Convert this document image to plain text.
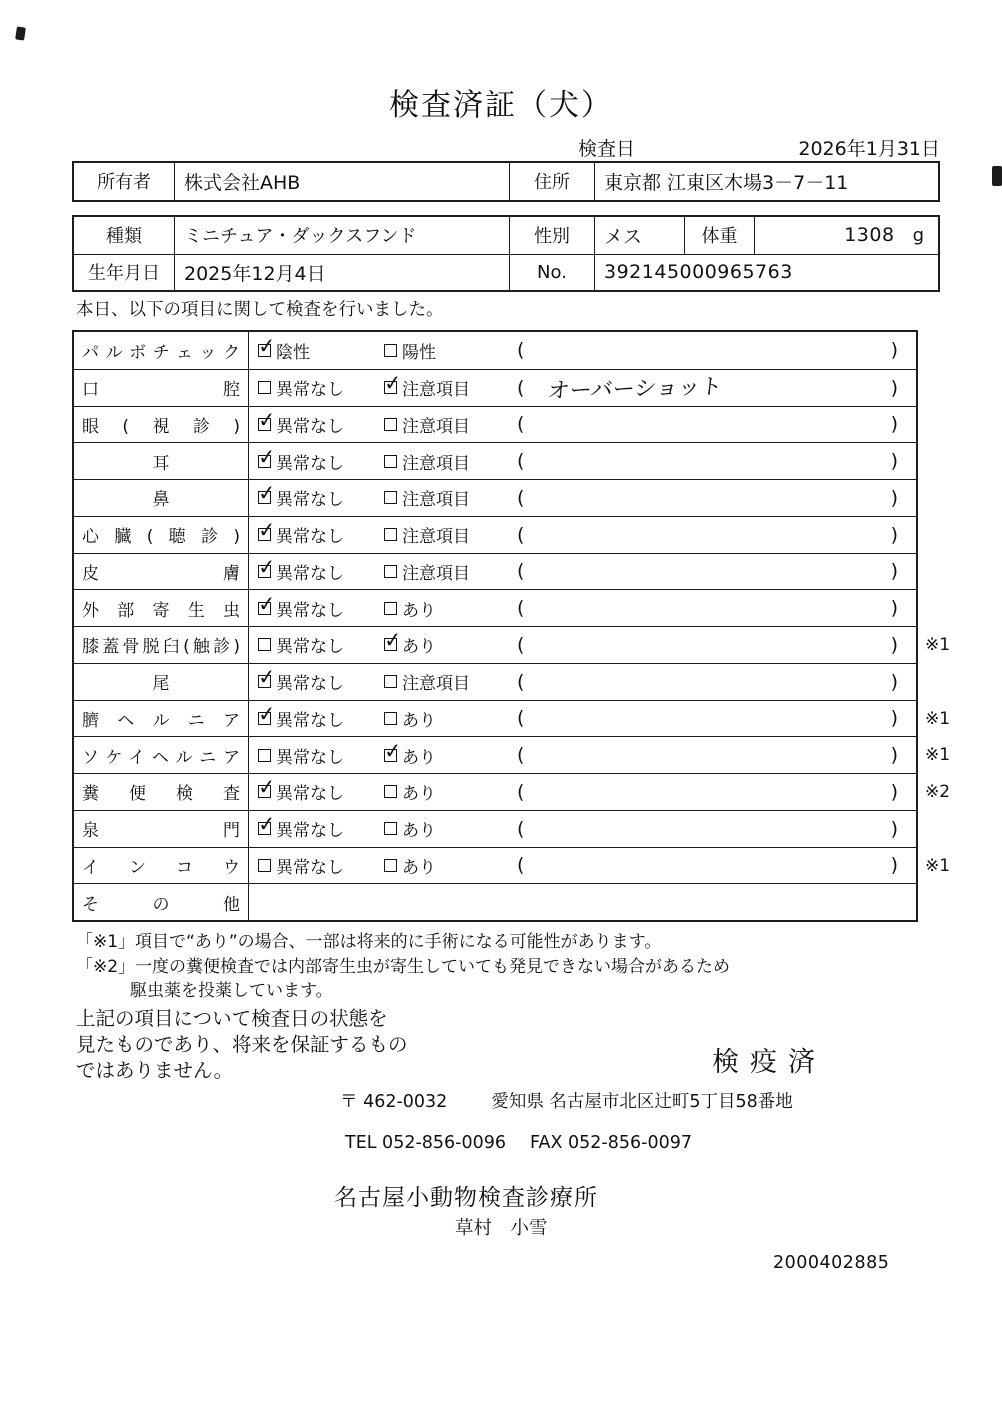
検査済証（犬）
検査日	2026年1月31日
所有者	株式会社AHB	住所	東京都 江東区木場3－7－11
種類	ミニチュア・ダックスフンド	性別	メス	体重	1308 g
生年月日	2025年12月4日	No.	392145000965763
本日、以下の項目に関して検査を行いました。
パルボチェック ✓ 陰性	陽性	(	)
口腔 異常なし ✓	注意項目 ( オーバーショット	)
眼(視診) ✓ 異常なし	注意項目 (	)
耳 ✓	異常なし	注意項目 (	)
鼻 ✓	異常なし	注意項目 (	)
心臓(聴診) ✓ 異常なし	注意項目 (	)
皮膚 ✓ 異常なし	注意項目 (	)
外部寄生虫 ✓ 異常なし	あり	(	)
膝蓋骨脱臼(触診) 異常なし ✓	あり	(	) ※1
尾 ✓	異常なし	注意項目 (	)
臍ヘルニア ✓ 異常なし	あり	(	) ※1
ソケイヘルニア 異常なし ✓	あり	(	) ※1
糞便検査 ✓ 異常なし	あり	(	) ※2
泉門 ✓ 異常なし	あり	(	)
インコウ 異常なし	あり	(	) ※1
その他
「※1」項目で“あり”の場合、一部は将来的に手術になる可能性があります。
「※2」一度の糞便検査では内部寄生虫が寄生していても発見できない場合があるため
駆虫薬を投薬しています。
上記の項目について検査日の状態を
見たものであり、将来を保証するもの
ではありません。	検疫済
〒 462-0032	愛知県 名古屋市北区辻町5丁目58番地
TEL 052-856-0096 FAX 052-856-0097
名古屋小動物検査診療所
草村　小雪
2000402885
